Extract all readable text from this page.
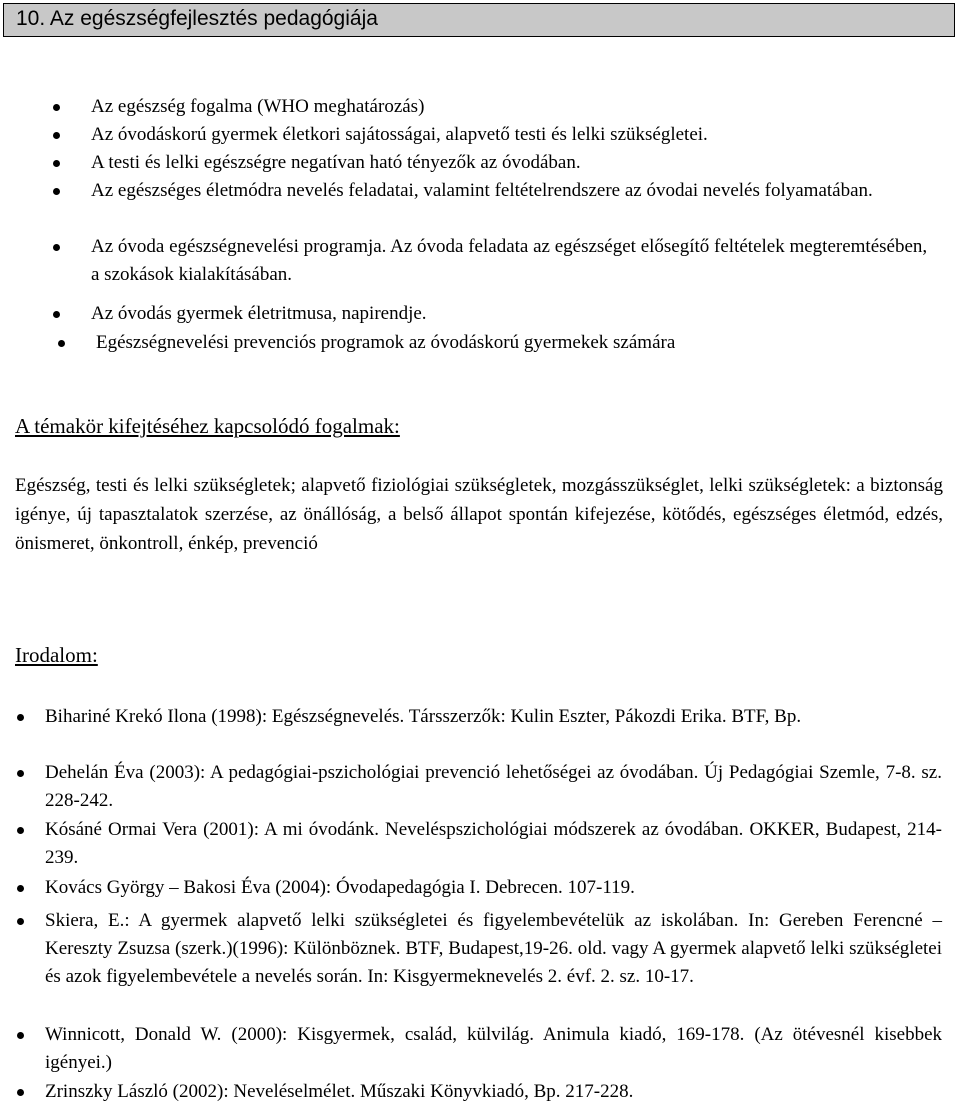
10. Az egészségfejlesztés pedagógiája
Az egészség fogalma (WHO meghatározás)
Az óvodáskorú gyermek életkori sajátosságai, alapvető testi és lelki szükségletei.
A testi és lelki egészségre negatívan ható tényezők az óvodában.
Az egészséges életmódra nevelés feladatai, valamint feltételrendszere az óvodai nevelés folyamatában.
Az óvoda egészségnevelési programja. Az óvoda feladata az egészséget elősegítő feltételek megteremtésében, a szokások kialakításában.
Az óvodás gyermek életritmusa, napirendje.
Egészségnevelési prevenciós programok az óvodáskorú gyermekek számára
A témakör kifejtéséhez kapcsolódó fogalmak:

Egészség, testi és lelki szükségletek; alapvető fiziológiai szükségletek, mozgásszükséglet, lelki szükségletek: a biztonság igénye, új tapasztalatok szerzése, az önállóság, a belső állapot spontán kifejezése, kötődés, egészséges életmód, edzés, önismeret, önkontroll, énkép, prevenció

Irodalom:
Bihariné Krekó Ilona (1998): Egészségnevelés. Társszerzők: Kulin Eszter, Pákozdi Erika. BTF, Bp.
Dehelán Éva (2003): A pedagógiai-pszichológiai prevenció lehetőségei az óvodában. Új Pedagógiai Szemle, 7-8. sz. 228-242.
Kósáné Ormai Vera (2001): A mi óvodánk. Neveléspszichológiai módszerek az óvodában. OKKER, Budapest, 214-239.
Kovács György – Bakosi Éva (2004): Óvodapedagógia I. Debrecen. 107-119.
Skiera, E.: A gyermek alapvető lelki szükségletei és figyelembevételük az iskolában. In: Gereben Ferencné – Kereszty Zsuzsa (szerk.)(1996): Különböznek. BTF, Budapest,19-26. old. vagy A gyermek alapvető lelki szükségletei és azok figyelembevétele a nevelés során. In: Kisgyermeknevelés 2. évf. 2. sz. 10-17.
Winnicott, Donald W. (2000): Kisgyermek, család, külvilág. Animula kiadó, 169-178. (Az ötévesnél kisebbek igényei.)
Zrinszky László (2002): Neveléselmélet. Műszaki Könyvkiadó, Bp. 217-228.
